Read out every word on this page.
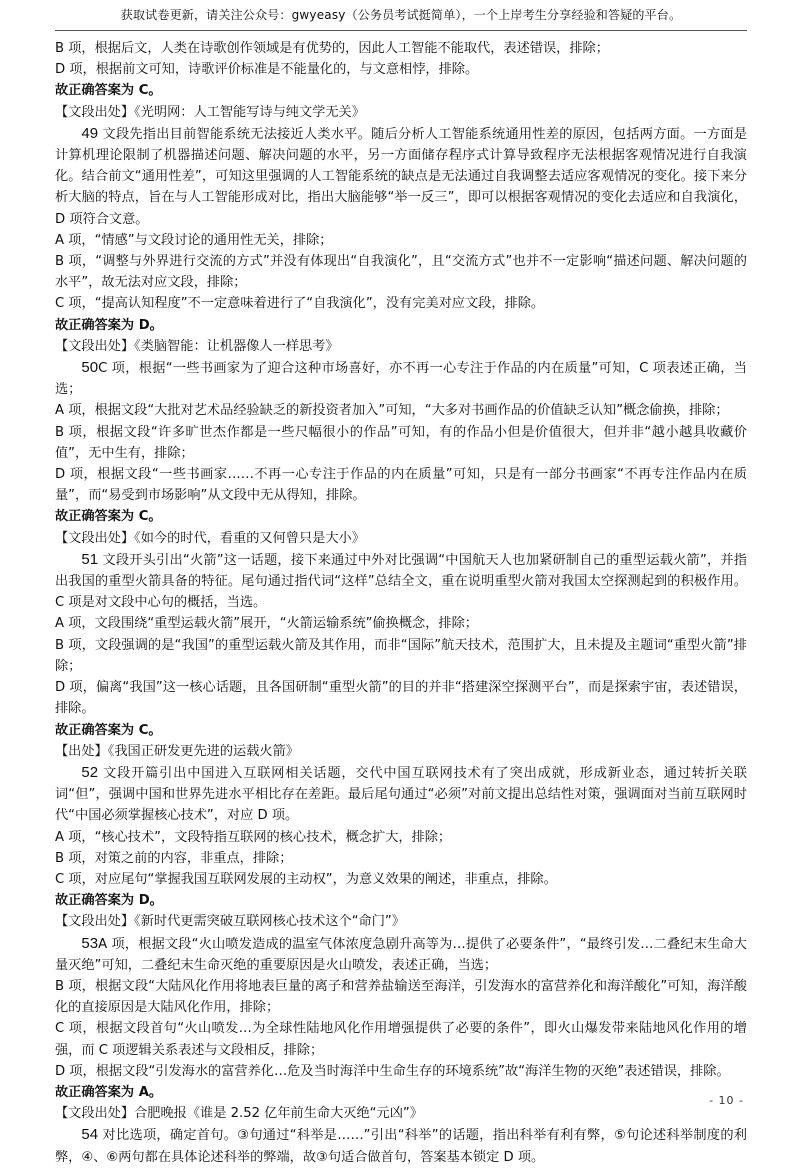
获取试卷更新，请关注公众号：gwyeasy（公务员考试挺简单），一个上岸考生分享经验和答疑的平台。

B 项，根据后文，人类在诗歌创作领域是有优势的，因此人工智能不能取代，表述错误，排除；

D 项，根据前文可知，诗歌评价标准是不能量化的，与文意相悖，排除。

故正确答案为 C。

【文段出处】《光明网：人工智能写诗与纯文学无关》

49 文段先指出目前智能系统无法接近人类水平。随后分析人工智能系统通用性差的原因，包括两方面。一方面是计算机理论限制了机器描述问题、解决问题的水平，另一方面储存程序式计算导致程序无法根据客观情况进行自我演化。结合前文“通用性差”，可知这里强调的人工智能系统的缺点是无法通过自我调整去适应客观情况的变化。接下来分析大脑的特点，旨在与人工智能形成对比，指出大脑能够“举一反三”，即可以根据客观情况的变化去适应和自我演化，D 项符合文意。

A 项，“情感”与文段讨论的通用性无关，排除；

B 项，“调整与外界进行交流的方式”并没有体现出“自我演化”，且“交流方式”也并不一定影响“描述问题、解决问题的水平”，故无法对应文段，排除；

C 项，“提高认知程度”不一定意味着进行了“自我演化”，没有完美对应文段，排除。

故正确答案为 D。

【文段出处】《类脑智能：让机器像人一样思考》

50C 项，根据“一些书画家为了迎合这种市场喜好，亦不再一心专注于作品的内在质量”可知，C 项表述正确，当选；

A 项，根据文段“大批对艺术品经验缺乏的新投资者加入”可知，“大多对书画作品的价值缺乏认知”概念偷换，排除；

B 项，根据文段“许多旷世杰作都是一些尺幅很小的作品”可知，有的作品小但是价值很大，但并非“越小越具收藏价值”，无中生有，排除；

D 项，根据文段“一些书画家……不再一心专注于作品的内在质量”可知，只是有一部分书画家“不再专注作品内在质量”，而“易受到市场影响”从文段中无从得知，排除。

故正确答案为 C。

【文段出处】《如今的时代，看重的又何曾只是大小》

51 文段开头引出“火箭”这一话题，接下来通过中外对比强调“中国航天人也加紧研制自己的重型运载火箭”，并指出我国的重型火箭具备的特征。尾句通过指代词“这样”总结全文，重在说明重型火箭对我国太空探测起到的积极作用。C 项是对文段中心句的概括，当选。

A 项，文段围绕“重型运载火箭”展开，“火箭运输系统”偷换概念，排除；

B 项，文段强调的是“我国”的重型运载火箭及其作用，而非“国际”航天技术，范围扩大，且未提及主题词“重型火箭”排除；

D 项，偏离“我国”这一核心话题，且各国研制“重型火箭”的目的并非“搭建深空探测平台”，而是探索宇宙，表述错误，排除。

故正确答案为 C。

【出处】《我国正研发更先进的运载火箭》

52 文段开篇引出中国进入互联网相关话题，交代中国互联网技术有了突出成就，形成新业态，通过转折关联词“但”，强调中国和世界先进水平相比存在差距。最后尾句通过“必须”对前文提出总结性对策，强调面对当前互联网时代“中国必须掌握核心技术”，对应 D 项。

A 项，“核心技术”，文段特指互联网的核心技术，概念扩大，排除；

B 项，对策之前的内容，非重点，排除；

C 项，对应尾句“掌握我国互联网发展的主动权”，为意义效果的阐述，非重点，排除。

故正确答案为 D。

【文段出处】《新时代更需突破互联网核心技术这个“命门”》

53A 项，根据文段“火山喷发造成的温室气体浓度急剧升高等为…提供了必要条件”，“最终引发…二叠纪末生命大量灭绝”可知，二叠纪末生命灭绝的重要原因是火山喷发，表述正确，当选；

B 项，根据文段“大陆风化作用将地表巨量的离子和营养盐输送至海洋，引发海水的富营养化和海洋酸化”可知，海洋酸化的直接原因是大陆风化作用，排除；

C 项，根据文段首句“火山喷发…为全球性陆地风化作用增强提供了必要的条件”，即火山爆发带来陆地风化作用的增强，而 C 项逻辑关系表述与文段相反，排除；

D 项，根据文段“引发海水的富营养化…危及当时海洋中生命生存的环境系统”故“海洋生物的灭绝”表述错误，排除。

故正确答案为 A。

【文段出处】合肥晚报《谁是 2.52 亿年前生命大灭绝“元凶”》

54 对比选项，确定首句。③句通过“科举是……”引出“科举”的话题，指出科举有利有弊，⑤句论述科举制度的利弊，④、⑥两句都在具体论述科举的弊端，故③句适合做首句，答案基本锁定 D 项。

- 10 -
